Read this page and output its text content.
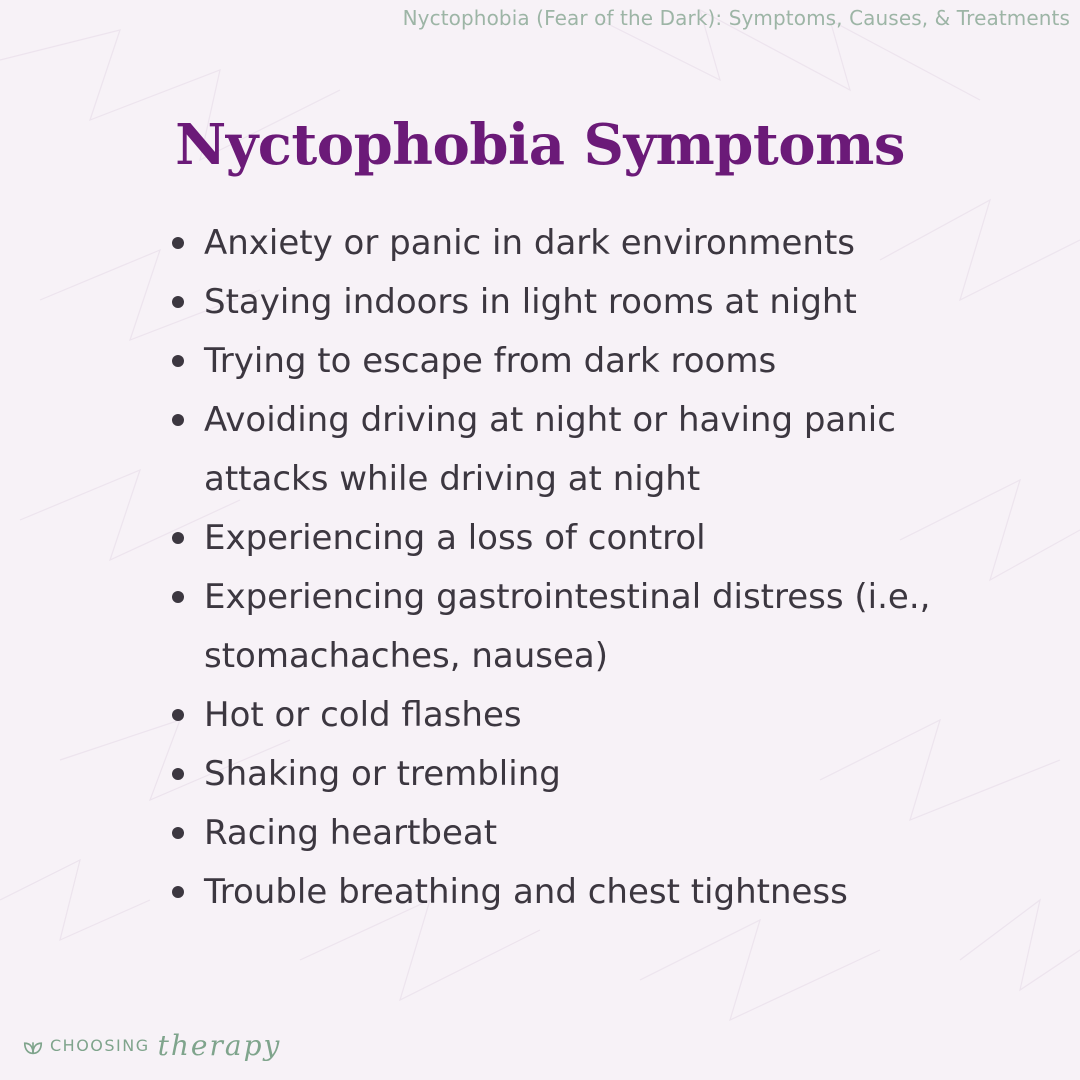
Nyctophobia (Fear of the Dark): Symptoms, Causes, & Treatments
Nyctophobia Symptoms
Anxiety or panic in dark environments
Staying indoors in light rooms at night
Trying to escape from dark rooms
Avoiding driving at night or having panic attacks while driving at night
Experiencing a loss of control
Experiencing gastrointestinal distress (i.e., stomachaches, nausea)
Hot or cold flashes
Shaking or trembling
Racing heartbeat
Trouble breathing and chest tightness
CHOOSING therapy
